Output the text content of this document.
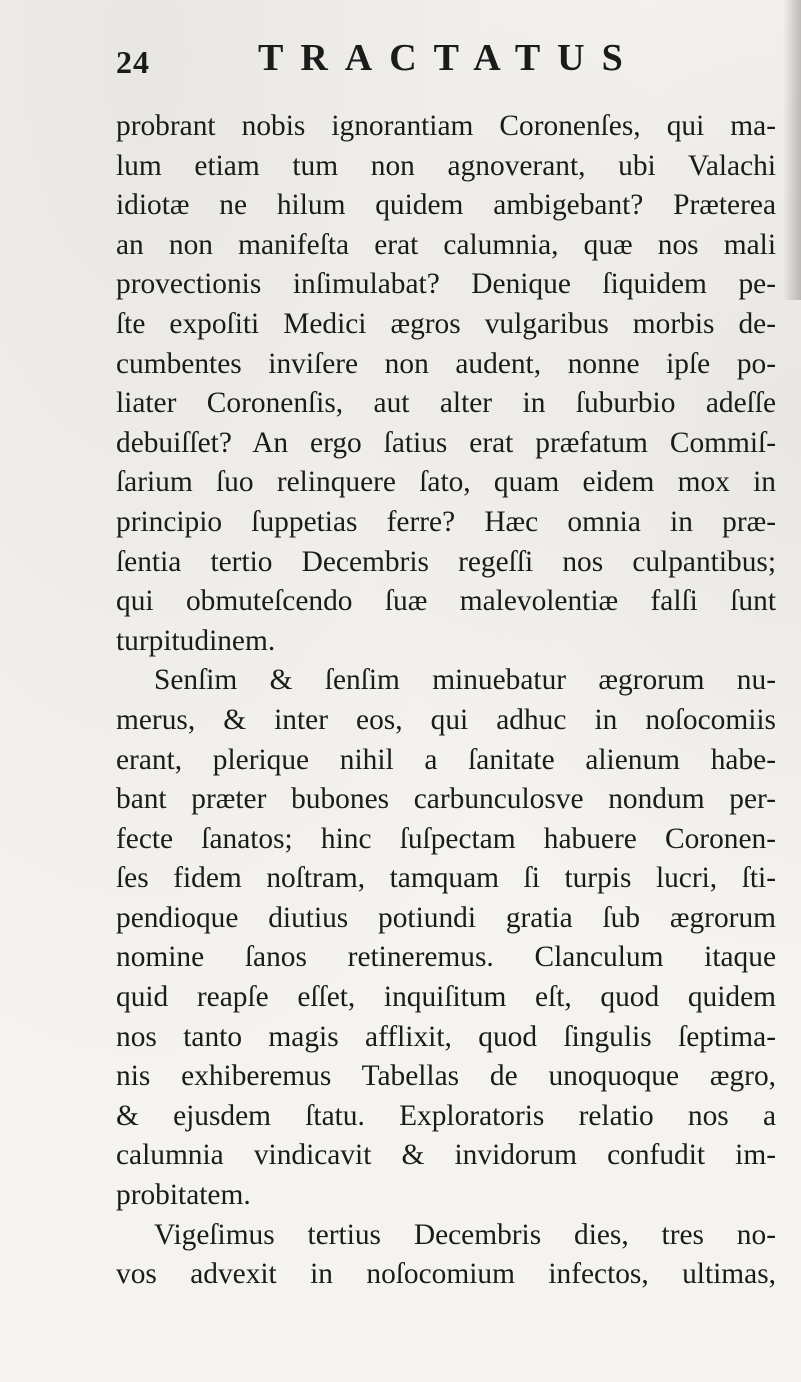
24	TRACTATUS
probrant nobis ignorantiam Coronenſes, qui ma-
lum etiam tum non agnoverant, ubi Valachi
idiotæ ne hilum quidem ambigebant? Præterea
an non manifeſta erat calumnia, quæ nos mali
provectionis inſimulabat? Denique ſiquidem pe-
ſte expoſiti Medici ægros vulgaribus morbis de-
cumbentes inviſere non audent, nonne ipſe po-
liater Coronenſis, aut alter in ſuburbio adeſſe
debuiſſet? An ergo ſatius erat præfatum Commiſ-
ſarium ſuo relinquere ſato, quam eidem mox in
principio ſuppetias ferre? Hæc omnia in præ-
ſentia tertio Decembris regeſſi nos culpantibus;
qui obmuteſcendo ſuæ malevolentiæ falſi ſunt
turpitudinem.
Senſim & ſenſim minuebatur ægrorum nu-
merus, & inter eos, qui adhuc in noſocomiis
erant, plerique nihil a ſanitate alienum habe-
bant præter bubones carbunculosve nondum per-
fecte ſanatos; hinc ſuſpectam habuere Coronen-
ſes fidem noſtram, tamquam ſi turpis lucri, ſti-
pendioque diutius potiundi gratia ſub ægrorum
nomine ſanos retineremus. Clanculum itaque
quid reapſe eſſet, inquiſitum eſt, quod quidem
nos tanto magis afflixit, quod ſingulis ſeptima-
nis exhiberemus Tabellas de unoquoque ægro,
& ejusdem ſtatu. Exploratoris relatio nos a
calumnia vindicavit & invidorum confudit im-
probitatem.
Vigeſimus tertius Decembris dies, tres no-
vos advexit in noſocomium infectos, ultimas,
